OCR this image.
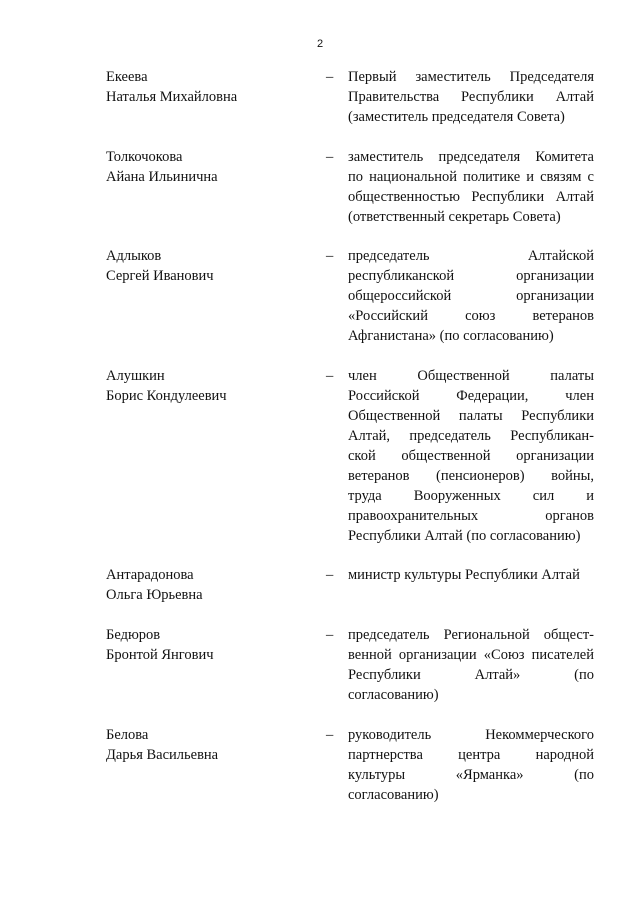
2
Екеева
Наталья Михайловна
– Первый заместитель Председателя
Правительства Республики Алтай
(заместитель председателя Совета)
Толкочокова
Айана Ильинична
– заместитель председателя Комитета
по национальной политике и связям с
общественностью Республики Алтай
(ответственный секретарь Совета)
Адлыков
Сергей Иванович
– председатель Алтайской
республиканской организации
общероссийской организации
«Российский союз ветеранов
Афганистана» (по согласованию)
Алушкин
Борис Кондулеевич
– член Общественной палаты
Российской Федерации, член
Общественной палаты Республики
Алтай, председатель Республикан-
ской общественной организации
ветеранов (пенсионеров) войны,
труда Вооруженных сил и
правоохранительных органов
Республики Алтай (по согласованию)
Антарадонова
Ольга Юрьевна
– министр культуры Республики Алтай
Бедюров
Бронтой Янгович
– председатель Региональной общест-
венной организации «Союз писателей
Республики Алтай» (по
согласованию)
Белова
Дарья Васильевна
– руководитель Некоммерческого
партнерства центра народной
культуры «Ярманка» (по
согласованию)
